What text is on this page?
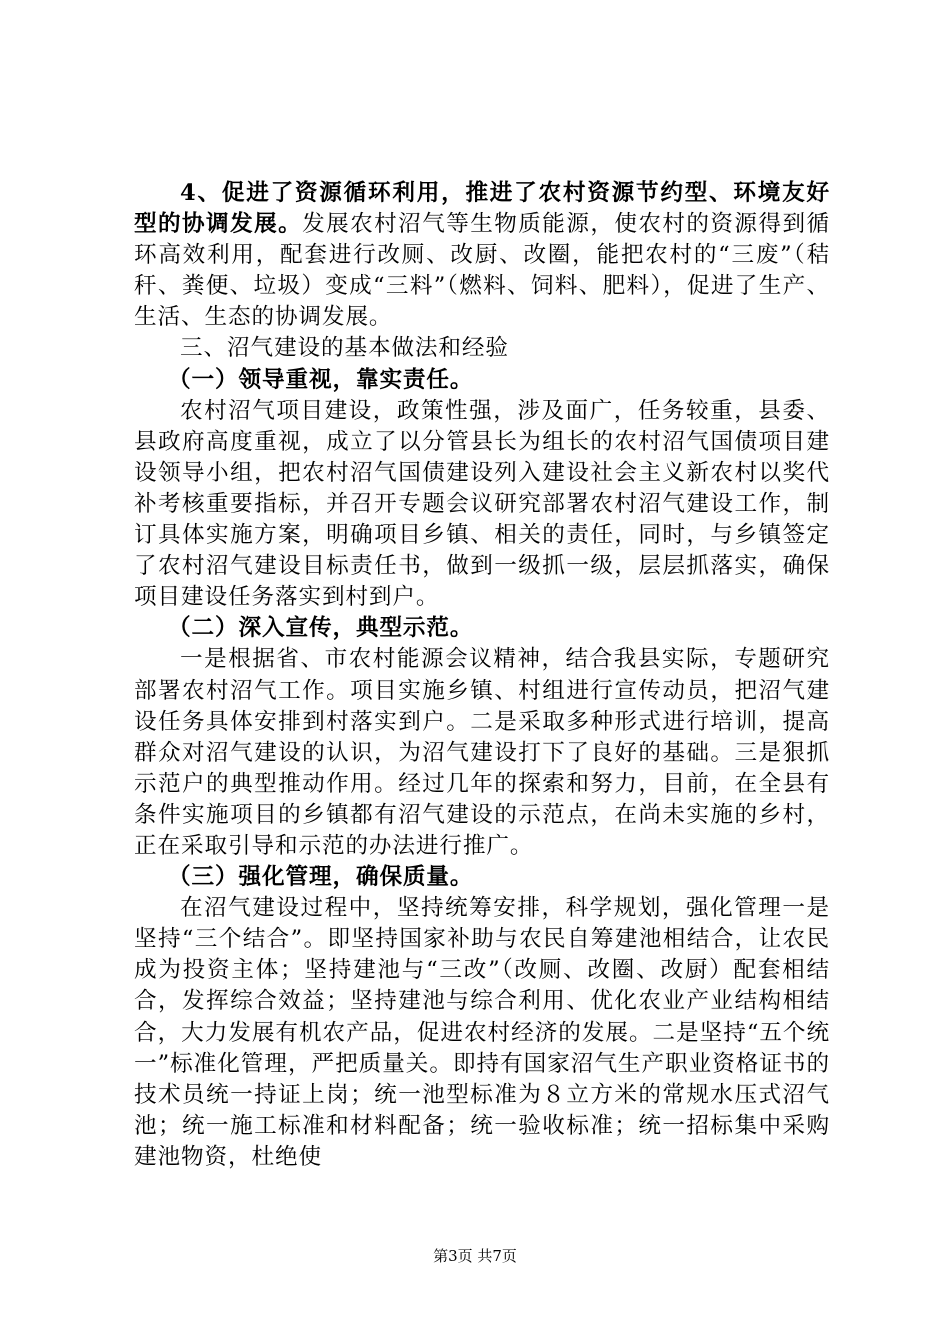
4、促进了资源循环利用，推进了农村资源节约型、环境友好型的协调发展。发展农村沼气等生物质能源，使农村的资源得到循环高效利用，配套进行改厕、改厨、改圈，能把农村的“三废”（秸秆、粪便、垃圾）变成“三料”（燃料、饲料、肥料），促进了生产、生活、生态的协调发展。

三、沼气建设的基本做法和经验

（一）领导重视，靠实责任。

农村沼气项目建设，政策性强，涉及面广，任务较重，县委、县政府高度重视，成立了以分管县长为组长的农村沼气国债项目建设领导小组，把农村沼气国债建设列入建设社会主义新农村以奖代补考核重要指标，并召开专题会议研究部署农村沼气建设工作，制订具体实施方案，明确项目乡镇、相关的责任，同时，与乡镇签定了农村沼气建设目标责任书，做到一级抓一级，层层抓落实，确保项目建设任务落实到村到户。

（二）深入宣传，典型示范。

一是根据省、市农村能源会议精神，结合我县实际，专题研究部署农村沼气工作。项目实施乡镇、村组进行宣传动员，把沼气建设任务具体安排到村落实到户。二是采取多种形式进行培训，提高群众对沼气建设的认识，为沼气建设打下了良好的基础。三是狠抓示范户的典型推动作用。经过几年的探索和努力，目前，在全县有条件实施项目的乡镇都有沼气建设的示范点，在尚未实施的乡村，正在采取引导和示范的办法进行推广。

（三）强化管理，确保质量。

在沼气建设过程中，坚持统筹安排，科学规划，强化管理一是坚持“三个结合”。即坚持国家补助与农民自筹建池相结合，让农民成为投资主体；坚持建池与“三改”（改厕、改圈、改厨）配套相结合，发挥综合效益；坚持建池与综合利用、优化农业产业结构相结合，大力发展有机农产品，促进农村经济的发展。二是坚持“五个统一”标准化管理，严把质量关。即持有国家沼气生产职业资格证书的技术员统一持证上岗；统一池型标准为８立方米的常规水压式沼气池；统一施工标准和材料配备；统一验收标准；统一招标集中采购建池物资，杜绝使

第3页 共7页
